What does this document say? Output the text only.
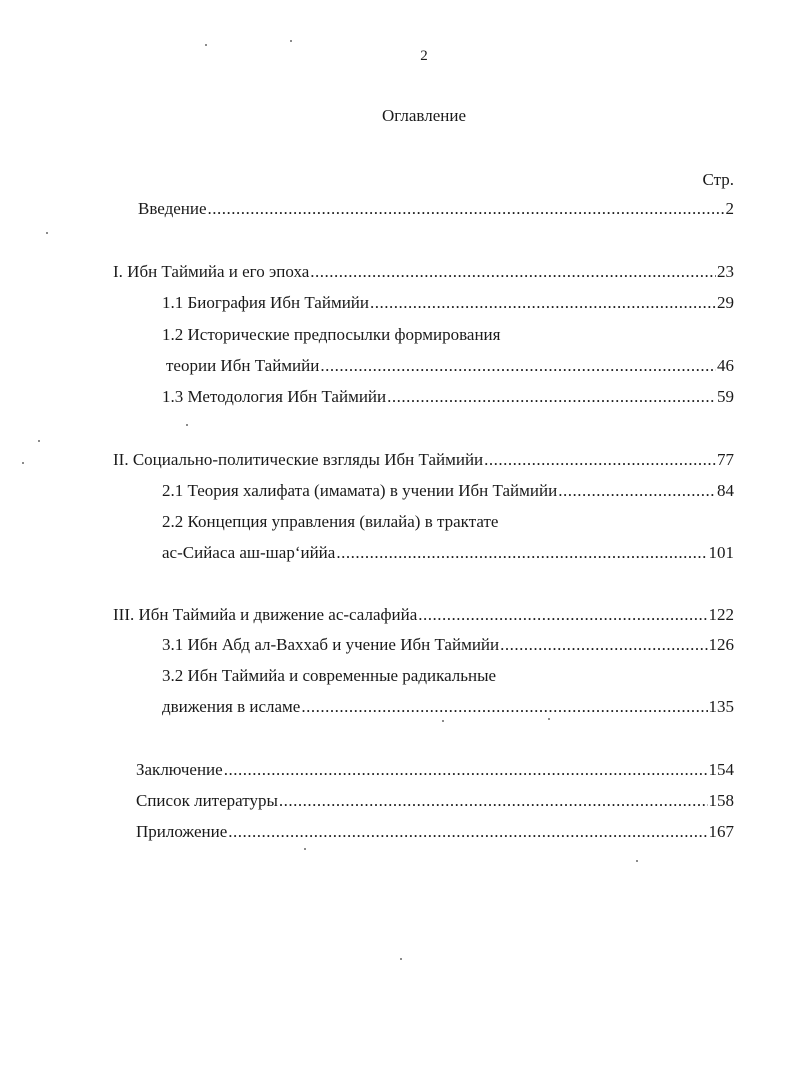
2
Оглавление
Стр.
Введение .....	2
I. Ибн Таймийа и его эпоха .....	23
1.1 Биография Ибн Таймийи .....	29
1.2 Исторические предпосылки формирования
теории Ибн Таймийи .....	46
1.3 Методология Ибн Таймийи .....	59
II. Социально-политические взгляды Ибн Таймийи .....	77
2.1 Теория халифата (имамата) в учении Ибн Таймийи .....	84
2.2 Концепция управления (вилайа) в трактате
ас-Сийаса аш-шар‘иййа .....	101
III. Ибн Таймийа и движение ас-салафийа .....	122
3.1 Ибн Абд ал-Ваххаб и учение Ибн Таймийи .....	126
3.2 Ибн Таймийа и современные радикальные
движения в исламе .....	135
Заключение .....	154
Список литературы .....	158
Приложение .....	167
